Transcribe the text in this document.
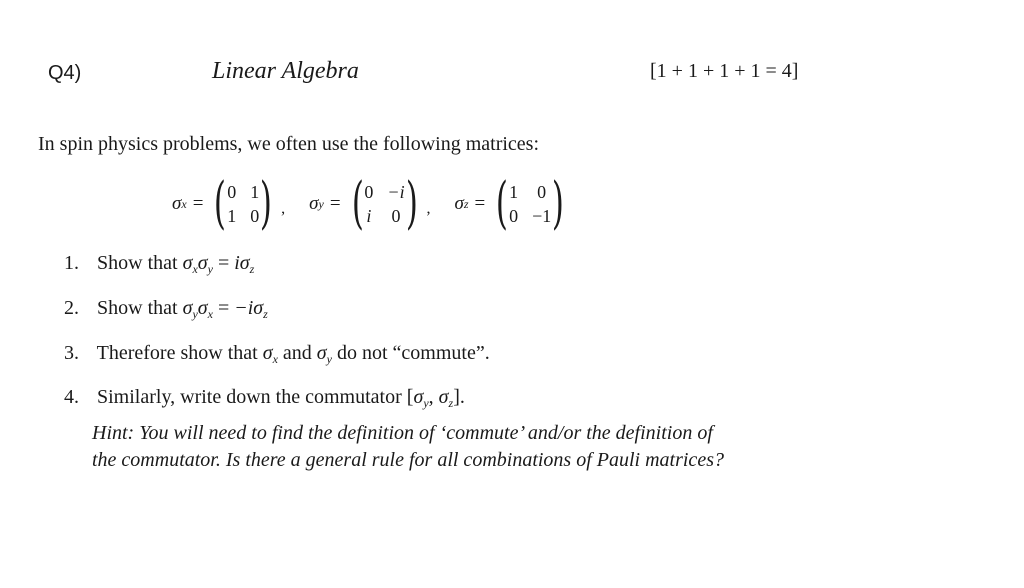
Q4)	Linear Algebra	[1 + 1 + 1 + 1 = 4]
In spin physics problems, we often use the following matrices:
σ x = ( 0 1
1 0 ) , σ y = ( 0 −i
i 0 ) , σ z = ( 1 0
0 −1 )
1. Show that $\sigma_x\sigma_y = i\sigma_z$
2. Show that $\sigma_y\sigma_x = -i\sigma_z$
3. Therefore show that $\sigma_x$ and $\sigma_y$ do not “commute”.
4. Similarly, write down the commutator [$\sigma_y$, $\sigma_z$].
Hint: You will need to find the definition of ‘commute’ and/or the definition of
the commutator. Is there a general rule for all combinations of Pauli matrices?
